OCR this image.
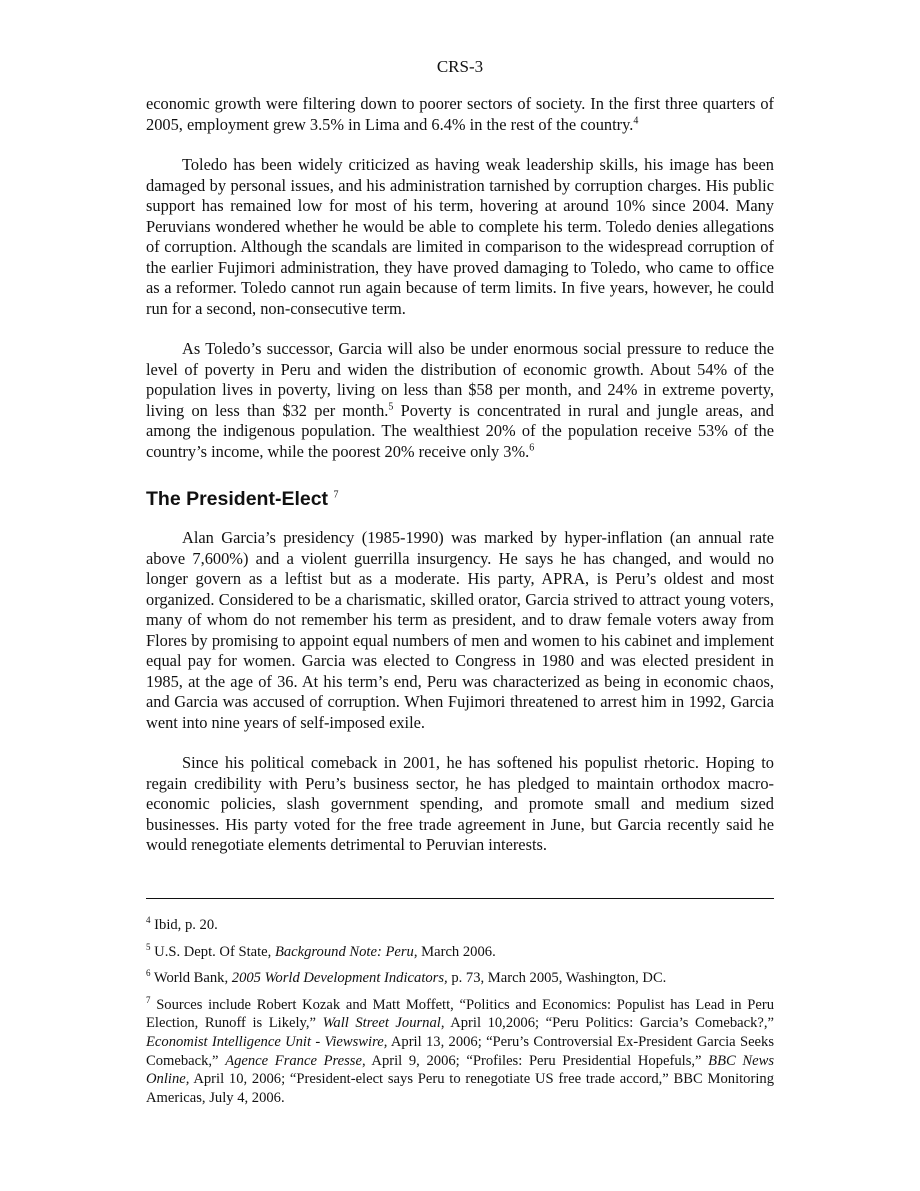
CRS-3

economic growth were filtering down to poorer sectors of society. In the first three quarters of 2005, employment grew 3.5% in Lima and 6.4% in the rest of the country.$^4$

Toledo has been widely criticized as having weak leadership skills, his image has been damaged by personal issues, and his administration tarnished by corruption charges. His public support has remained low for most of his term, hovering at around 10% since 2004. Many Peruvians wondered whether he would be able to complete his term. Toledo denies allegations of corruption. Although the scandals are limited in comparison to the widespread corruption of the earlier Fujimori administration, they have proved damaging to Toledo, who came to office as a reformer. Toledo cannot run again because of term limits. In five years, however, he could run for a second, non-consecutive term.

As Toledo’s successor, Garcia will also be under enormous social pressure to reduce the level of poverty in Peru and widen the distribution of economic growth. About 54% of the population lives in poverty, living on less than $58 per month, and 24% in extreme poverty, living on less than $32 per month.$^5$ Poverty is concentrated in rural and jungle areas, and among the indigenous population. The wealthiest 20% of the population receive 53% of the country’s income, while the poorest 20% receive only 3%.$^6$

The President-Elect $^7$

Alan Garcia’s presidency (1985-1990) was marked by hyper-inflation (an annual rate above 7,600%) and a violent guerrilla insurgency. He says he has changed, and would no longer govern as a leftist but as a moderate. His party, APRA, is Peru’s oldest and most organized. Considered to be a charismatic, skilled orator, Garcia strived to attract young voters, many of whom do not remember his term as president, and to draw female voters away from Flores by promising to appoint equal numbers of men and women to his cabinet and implement equal pay for women. Garcia was elected to Congress in 1980 and was elected president in 1985, at the age of 36. At his term’s end, Peru was characterized as being in economic chaos, and Garcia was accused of corruption. When Fujimori threatened to arrest him in 1992, Garcia went into nine years of self-imposed exile.

Since his political comeback in 2001, he has softened his populist rhetoric. Hoping to regain credibility with Peru’s business sector, he has pledged to maintain orthodox macro-economic policies, slash government spending, and promote small and medium sized businesses. His party voted for the free trade agreement in June, but Garcia recently said he would renegotiate elements detrimental to Peruvian interests.

$^4$ Ibid, p. 20.

$^5$ U.S. Dept. Of State, Background Note: Peru, March 2006.

$^6$ World Bank, 2005 World Development Indicators, p. 73, March 2005, Washington, DC.

$^7$ Sources include Robert Kozak and Matt Moffett, “Politics and Economics: Populist has Lead in Peru Election, Runoff is Likely,” Wall Street Journal, April 10,2006; “Peru Politics: Garcia’s Comeback?,” Economist Intelligence Unit - Viewswire, April 13, 2006; “Peru’s Controversial Ex-President Garcia Seeks Comeback,” Agence France Presse, April 9, 2006; “Profiles: Peru Presidential Hopefuls,” BBC News Online, April 10, 2006; “President-elect says Peru to renegotiate US free trade accord,” BBC Monitoring Americas, July 4, 2006.
